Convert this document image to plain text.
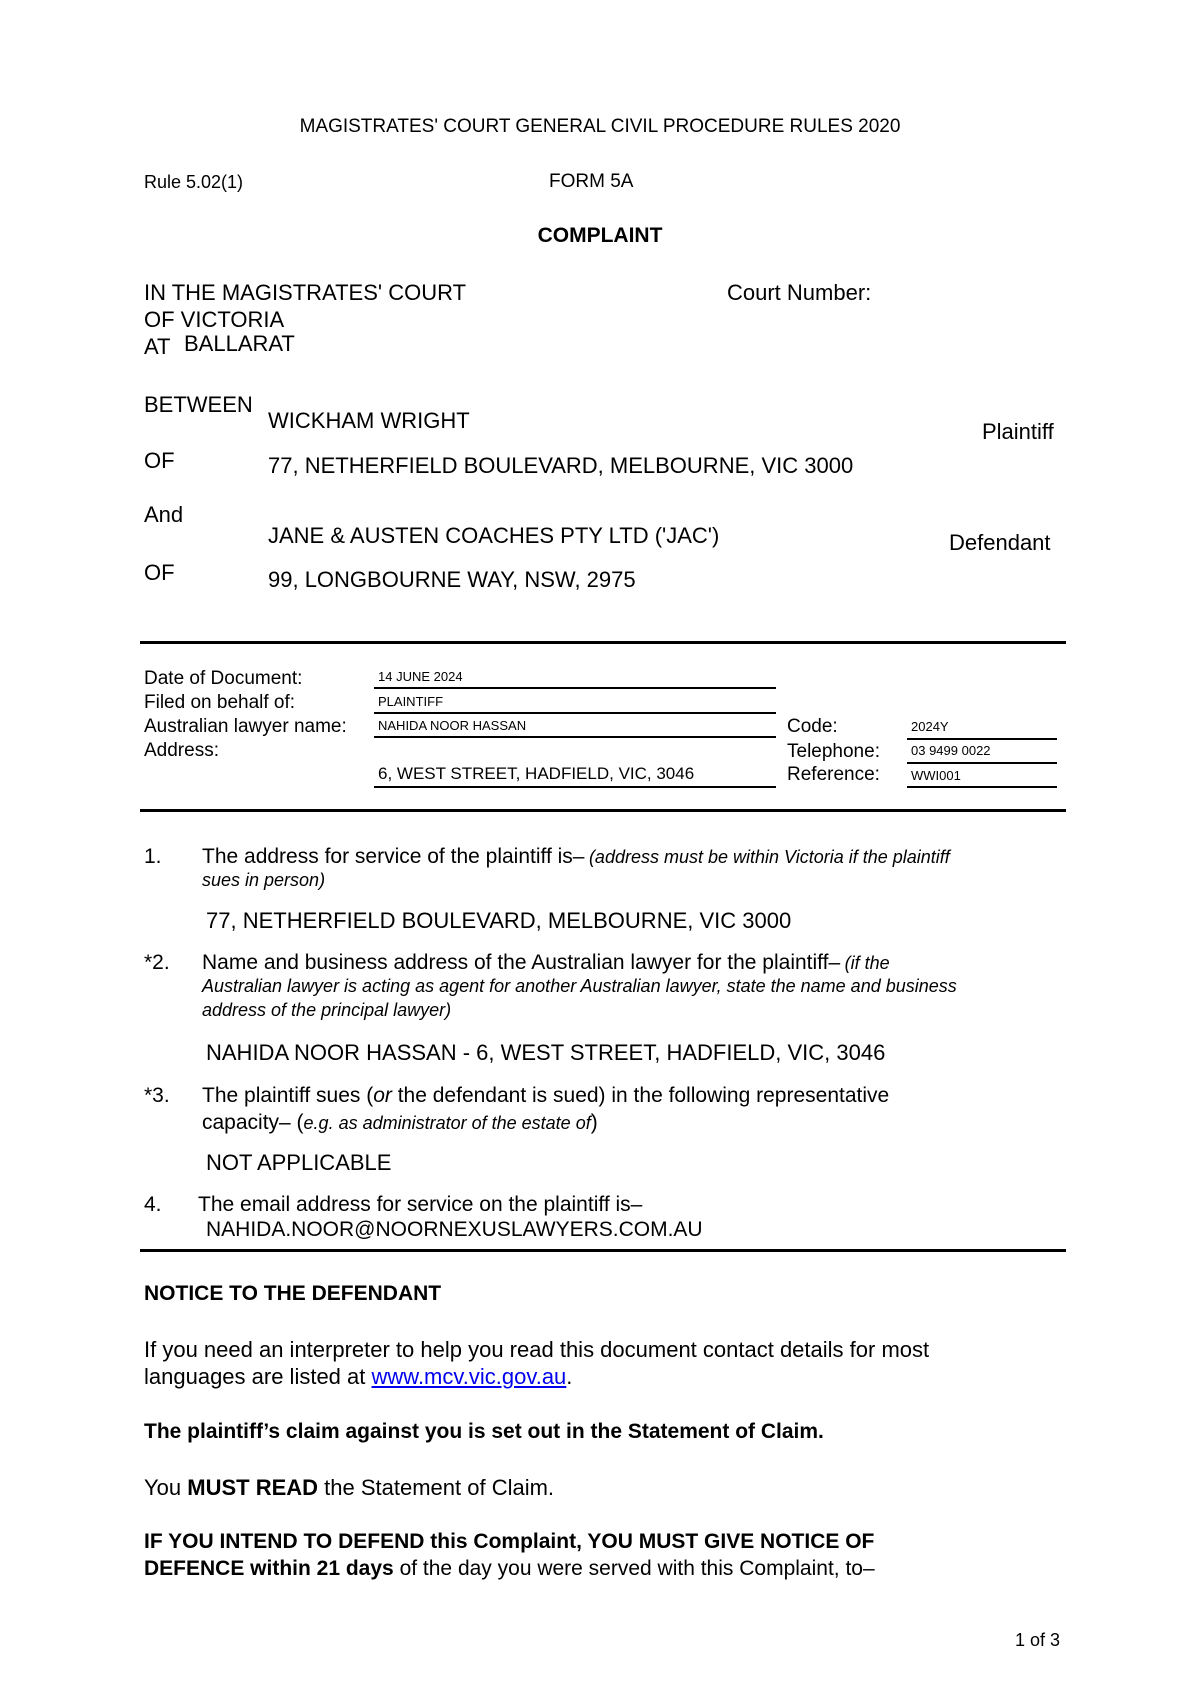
MAGISTRATES' COURT GENERAL CIVIL PROCEDURE RULES 2020
Rule 5.02(1)	FORM 5A
COMPLAINT
IN THE MAGISTRATES' COURT
OF VICTORIA
AT BALLARAT
Court Number:
BETWEEN
WICKHAM WRIGHT	Plaintiff
OF	77, NETHERFIELD BOULEVARD, MELBOURNE, VIC 3000
And
JANE & AUSTEN COACHES PTY LTD ('JAC')	Defendant
OF	99, LONGBOURNE WAY, NSW, 2975
Date of Document:	14 JUNE 2024
Filed on behalf of:	PLAINTIFF
Australian lawyer name: NAHIDA NOOR HASSAN
Address:
6, WEST STREET, HADFIELD, VIC, 3046
Code:	2024Y
Telephone: 03 9499 0022
Reference: WWI001
1. The address for service of the plaintiff is– (address must be within Victoria if the plaintiff
sues in person)
77, NETHERFIELD BOULEVARD, MELBOURNE, VIC 3000
*2. Name and business address of the Australian lawyer for the plaintiff– (if the
Australian lawyer is acting as agent for another Australian lawyer, state the name and business
address of the principal lawyer)
NAHIDA NOOR HASSAN - 6, WEST STREET, HADFIELD, VIC, 3046
*3. The plaintiff sues (or the defendant is sued) in the following representative
capacity– (e.g. as administrator of the estate of)
NOT APPLICABLE
4. The email address for service on the plaintiff is–
NAHIDA.NOOR@NOORNEXUSLAWYERS.COM.AU
NOTICE TO THE DEFENDANT
If you need an interpreter to help you read this document contact details for most
languages are listed at www.mcv.vic.gov.au.
The plaintiff’s claim against you is set out in the Statement of Claim.
You MUST READ the Statement of Claim.
IF YOU INTEND TO DEFEND this Complaint, YOU MUST GIVE NOTICE OF
DEFENCE within 21 days of the day you were served with this Complaint, to–
1 of 3
